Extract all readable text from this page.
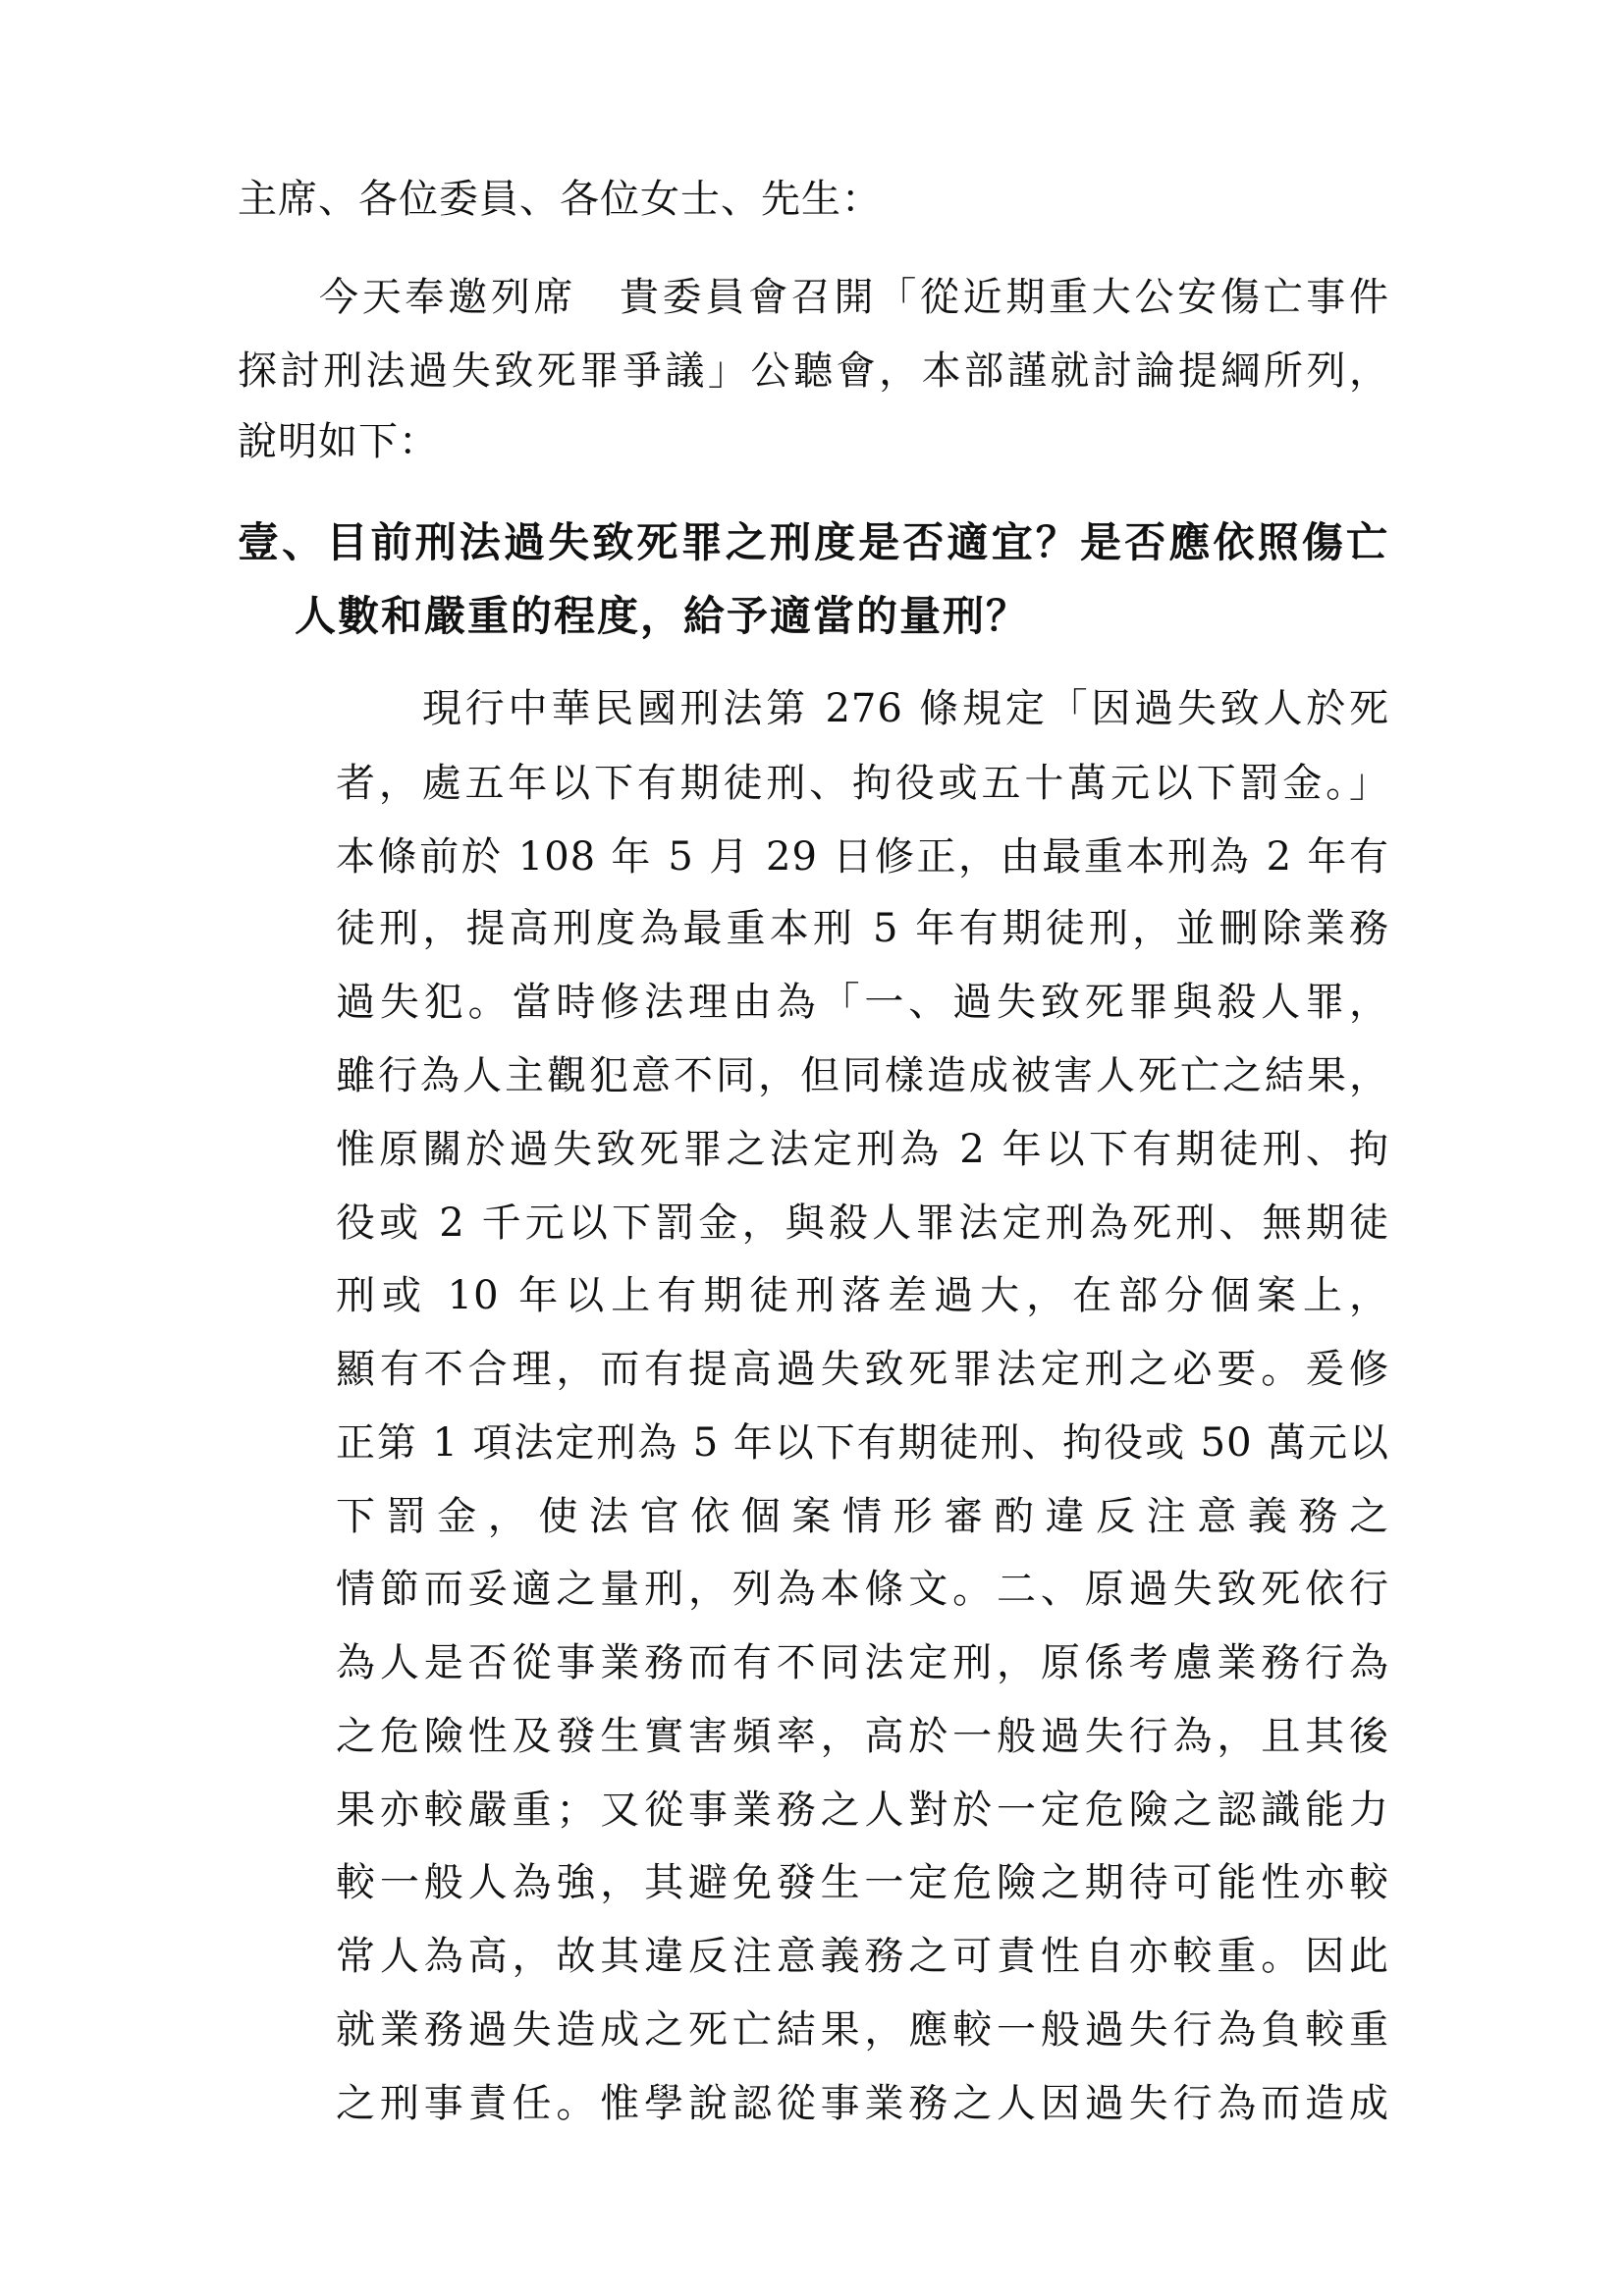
主席、各位委員、各位女士、先生：
今天奉邀列席　貴委員會召開「從近期重大公安傷亡事件
探討刑法過失致死罪爭議」公聽會，本部謹就討論提綱所列，
說明如下：
壹、目前刑法過失致死罪之刑度是否適宜？是否應依照傷亡
人數和嚴重的程度，給予適當的量刑？
現行中華民國刑法第 276 條規定「因過失致人於死
者，處五年以下有期徒刑、拘役或五十萬元以下罰金。」
本條前於 108 年 5 月 29 日修正，由最重本刑為 2 年有
徒刑，提高刑度為最重本刑 5 年有期徒刑，並刪除業務
過失犯。當時修法理由為「一、過失致死罪與殺人罪，
雖行為人主觀犯意不同，但同樣造成被害人死亡之結果，
惟原關於過失致死罪之法定刑為 2 年以下有期徒刑、拘
役或 2 千元以下罰金，與殺人罪法定刑為死刑、無期徒
刑或 10 年以上有期徒刑落差過大，在部分個案上，
顯有不合理，而有提高過失致死罪法定刑之必要。爰修
正第 1 項法定刑為 5 年以下有期徒刑、拘役或 50 萬元以
下罰金，使法官依個案情形審酌違反注意義務之
情節而妥適之量刑，列為本條文。二、原過失致死依行
為人是否從事業務而有不同法定刑，原係考慮業務行為
之危險性及發生實害頻率，高於一般過失行為，且其後
果亦較嚴重；又從事業務之人對於一定危險之認識能力
較一般人為強，其避免發生一定危險之期待可能性亦較
常人為高，故其違反注意義務之可責性自亦較重。因此
就業務過失造成之死亡結果，應較一般過失行為負較重
之刑事責任。惟學說認從事業務之人因過失行為而造成
